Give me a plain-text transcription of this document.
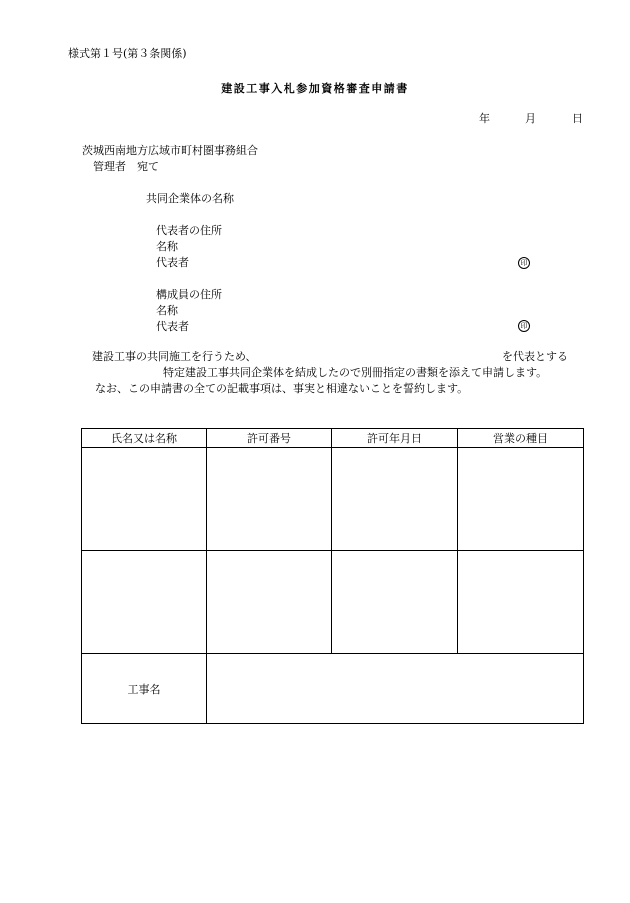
様式第１号(第３条関係)
建設工事入札参加資格審査申請書
年	月	日
茨城西南地方広域市町村圏事務組合
管理者　宛て
共同企業体の名称
代表者の住所
名称
代表者	印
構成員の住所
名称
代表者	印
建設工事の共同施工を行うため、	を代表とする
特定建設工事共同企業体を結成したので別冊指定の書類を添えて申請します。
なお、この申請書の全ての記載事項は、事実と相違ないことを誓約します。
氏名又は名称	許可番号	許可年月日	営業の種目

工事名			
